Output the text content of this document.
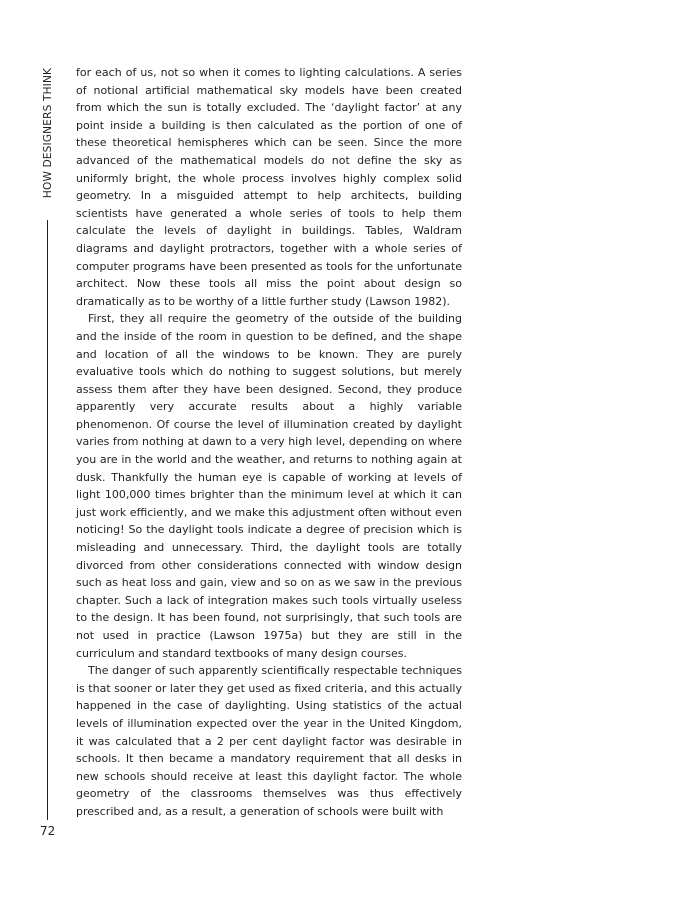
HOW DESIGNERS THINK
72

for each of us, not so when it comes to lighting calculations. A series of notional artificial mathematical sky models have been created from which the sun is totally excluded. The ‘daylight factor’ at any point inside a building is then calculated as the portion of one of these theoretical hemispheres which can be seen. Since the more advanced of the mathematical models do not define the sky as uniformly bright, the whole process involves highly complex solid geometry. In a misguided attempt to help architects, building scientists have generated a whole series of tools to help them calculate the levels of daylight in buildings. Tables, Waldram diagrams and daylight protractors, together with a whole series of computer programs have been presented as tools for the unfortunate architect. Now these tools all miss the point about design so dramatically as to be worthy of a little further study (Lawson 1982).

First, they all require the geometry of the outside of the building and the inside of the room in question to be defined, and the shape and location of all the windows to be known. They are purely evaluative tools which do nothing to suggest solutions, but merely assess them after they have been designed. Second, they produce apparently very accurate results about a highly variable phenomenon. Of course the level of illumination created by daylight varies from nothing at dawn to a very high level, depending on where you are in the world and the weather, and returns to nothing again at dusk. Thankfully the human eye is capable of working at levels of light 100,000 times brighter than the minimum level at which it can just work efficiently, and we make this adjustment often without even noticing! So the daylight tools indicate a degree of precision which is misleading and unnecessary. Third, the daylight tools are totally divorced from other considerations connected with window design such as heat loss and gain, view and so on as we saw in the previous chapter. Such a lack of integration makes such tools virtually useless to the design. It has been found, not surprisingly, that such tools are not used in practice (Lawson 1975a) but they are still in the curriculum and standard textbooks of many design courses.

The danger of such apparently scientifically respectable techniques is that sooner or later they get used as fixed criteria, and this actually happened in the case of daylighting. Using statistics of the actual levels of illumination expected over the year in the United Kingdom, it was calculated that a 2 per cent daylight factor was desirable in schools. It then became a mandatory requirement that all desks in new schools should receive at least this daylight factor. The whole geometry of the classrooms themselves was thus effectively prescribed and, as a result, a generation of schools were built with
